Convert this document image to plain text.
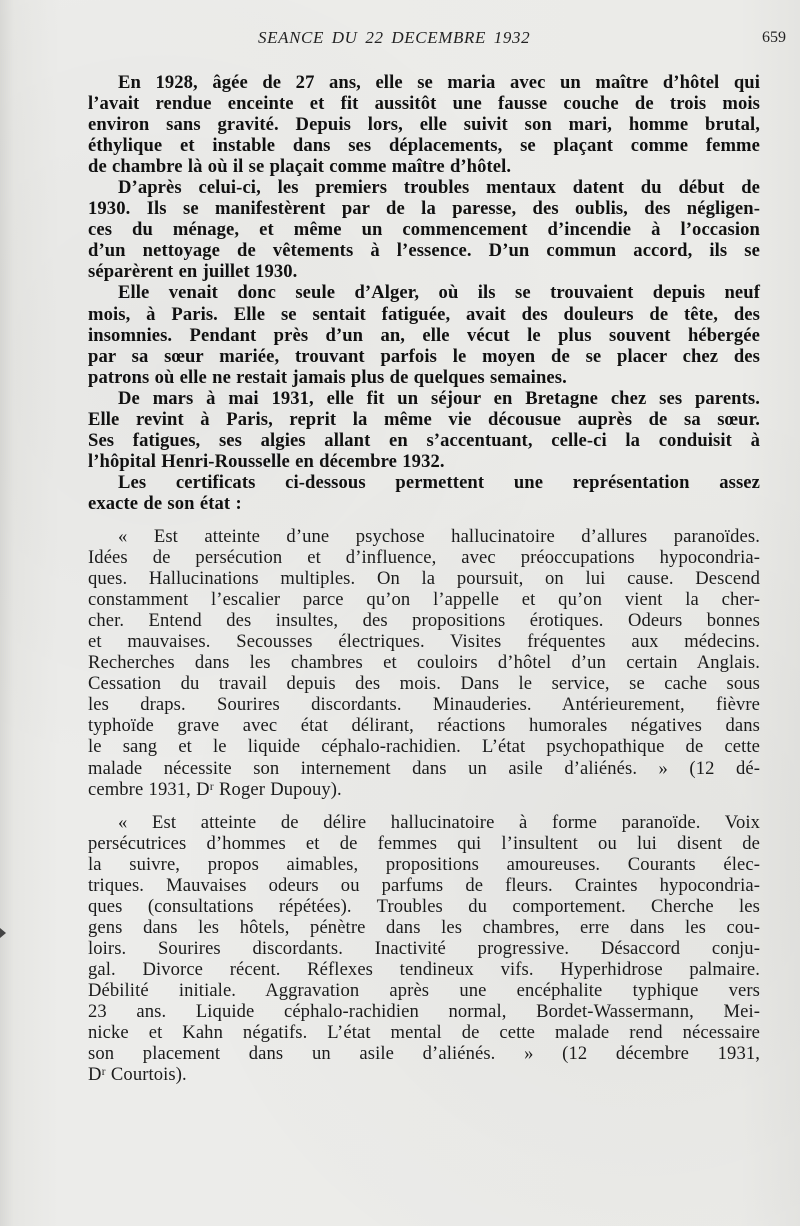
SEANCE DU 22 DECEMBRE 1932	659

En 1928, âgée de 27 ans, elle se maria avec un maître d’hôtel qui
l’avait rendue enceinte et fit aussitôt une fausse couche de trois mois
environ sans gravité. Depuis lors, elle suivit son mari, homme brutal,
éthylique et instable dans ses déplacements, se plaçant comme femme
de chambre là où il se plaçait comme maître d’hôtel.

D’après celui-ci, les premiers troubles mentaux datent du début de
1930. Ils se manifestèrent par de la paresse, des oublis, des négligen-
ces du ménage, et même un commencement d’incendie à l’occasion
d’un nettoyage de vêtements à l’essence. D’un commun accord, ils se
séparèrent en juillet 1930.

Elle venait donc seule d’Alger, où ils se trouvaient depuis neuf
mois, à Paris. Elle se sentait fatiguée, avait des douleurs de tête, des
insomnies. Pendant près d’un an, elle vécut le plus souvent hébergée
par sa sœur mariée, trouvant parfois le moyen de se placer chez des
patrons où elle ne restait jamais plus de quelques semaines.

De mars à mai 1931, elle fit un séjour en Bretagne chez ses parents.
Elle revint à Paris, reprit la même vie décousue auprès de sa sœur.
Ses fatigues, ses algies allant en s’accentuant, celle-ci la conduisit à
l’hôpital Henri-Rousselle en décembre 1932.

Les certificats ci-dessous permettent une représentation assez
exacte de son état :

« Est atteinte d’une psychose hallucinatoire d’allures paranoïdes.
Idées de persécution et d’influence, avec préoccupations hypocondria-
ques. Hallucinations multiples. On la poursuit, on lui cause. Descend
constamment l’escalier parce qu’on l’appelle et qu’on vient la cher-
cher. Entend des insultes, des propositions érotiques. Odeurs bonnes
et mauvaises. Secousses électriques. Visites fréquentes aux médecins.
Recherches dans les chambres et couloirs d’hôtel d’un certain Anglais.
Cessation du travail depuis des mois. Dans le service, se cache sous
les draps. Sourires discordants. Minauderies. Antérieurement, fièvre
typhoïde grave avec état délirant, réactions humorales négatives dans
le sang et le liquide céphalo-rachidien. L’état psychopathique de cette
malade nécessite son internement dans un asile d’aliénés. » (12 dé-
cembre 1931, Dʳ Roger Dupouy).

« Est atteinte de délire hallucinatoire à forme paranoïde. Voix
persécutrices d’hommes et de femmes qui l’insultent ou lui disent de
la suivre, propos aimables, propositions amoureuses. Courants élec-
triques. Mauvaises odeurs ou parfums de fleurs. Craintes hypocondria-
ques (consultations répétées). Troubles du comportement. Cherche les
gens dans les hôtels, pénètre dans les chambres, erre dans les cou-
loirs. Sourires discordants. Inactivité progressive. Désaccord conju-
gal. Divorce récent. Réflexes tendineux vifs. Hyperhidrose palmaire.
Débilité initiale. Aggravation après une encéphalite typhique vers
23 ans. Liquide céphalo-rachidien normal, Bordet-Wassermann, Mei-
nicke et Kahn négatifs. L’état mental de cette malade rend nécessaire
son placement dans un asile d’aliénés. » (12 décembre 1931,
Dʳ Courtois).
